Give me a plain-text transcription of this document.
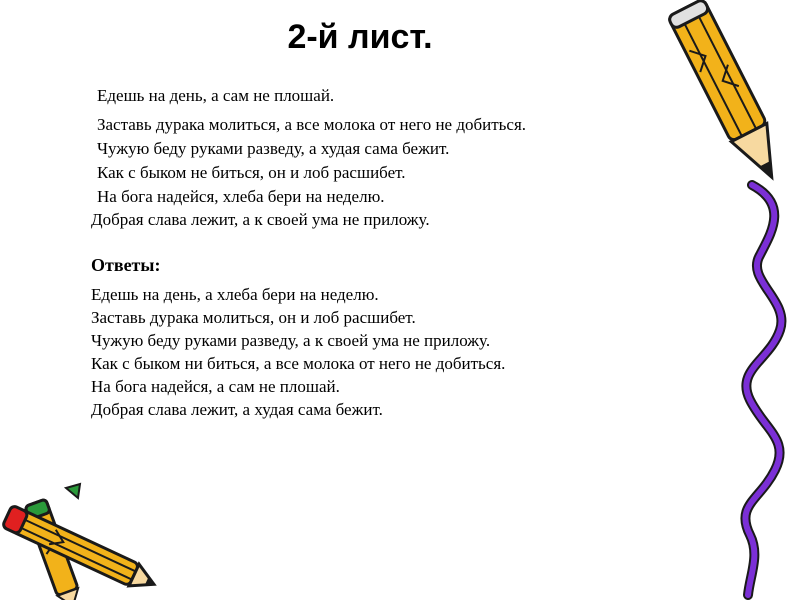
2-й лист.

Едешь на день, а сам не плошай.

Заставь дурака молиться, а все молока от него не добиться.

Чужую беду руками разведу, а худая сама бежит.

Как с быком не биться, он и лоб расшибет.

На бога надейся, хлеба бери на неделю.

Добрая слава лежит, а к своей ума не приложу.

Ответы:

Едешь на день, а хлеба бери на неделю.

Заставь дурака молиться, он и лоб расшибет.

Чужую беду руками разведу, а к своей ума не приложу.

Как с быком ни биться, а все молока от него не добиться.

На бога надейся, а сам не плошай.

Добрая слава лежит, а худая сама бежит.
